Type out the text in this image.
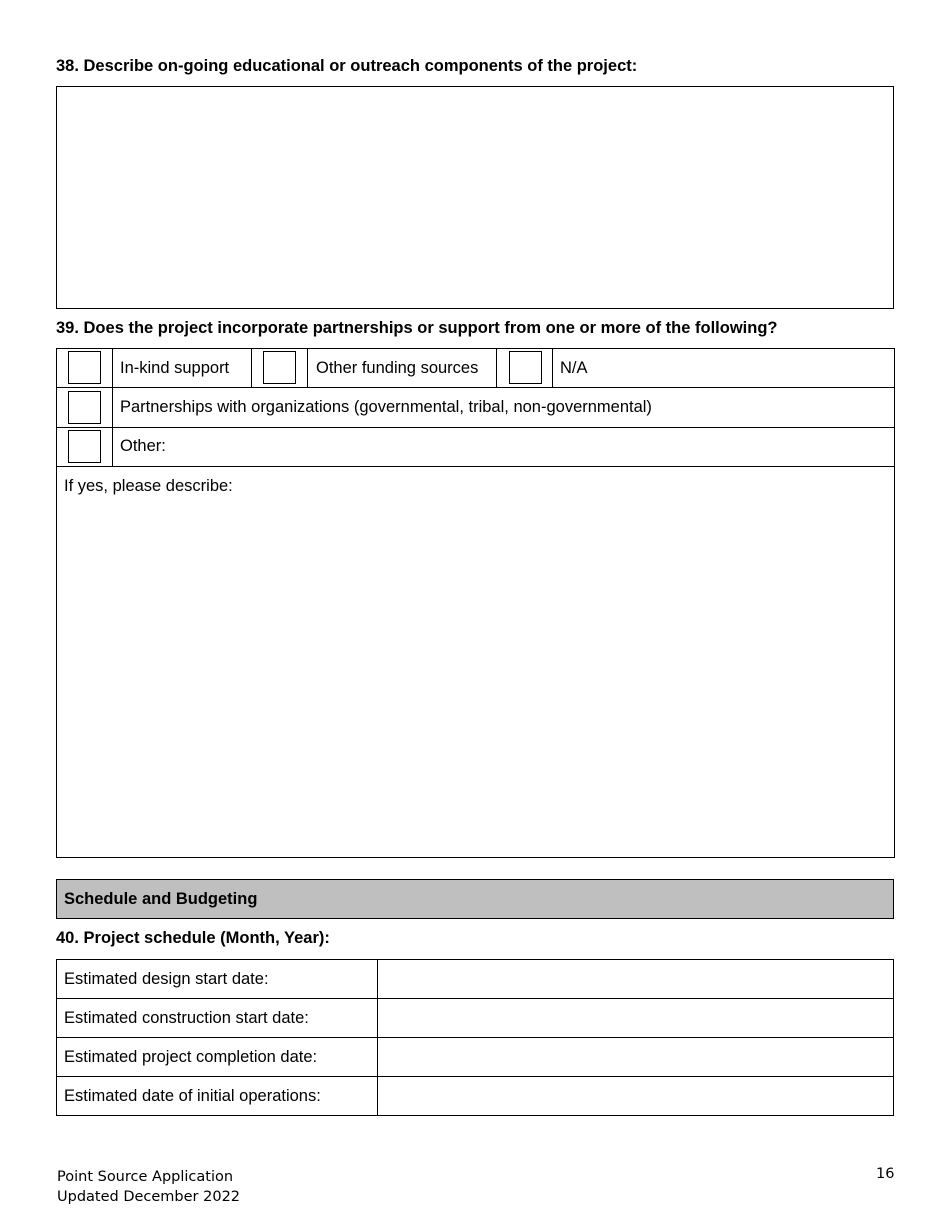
38. Describe on-going educational or outreach components of the project:
39. Does the project incorporate partnerships or support from one or more of the following?
In-kind support	Other funding sources	N/A
Partnerships with organizations (governmental, tribal, non-governmental)
Other:
If yes, please describe:
Schedule and Budgeting
40. Project schedule (Month, Year):
Estimated design start date:
Estimated construction start date:
Estimated project completion date:
Estimated date of initial operations:
Point Source Application
Updated December 2022
16
